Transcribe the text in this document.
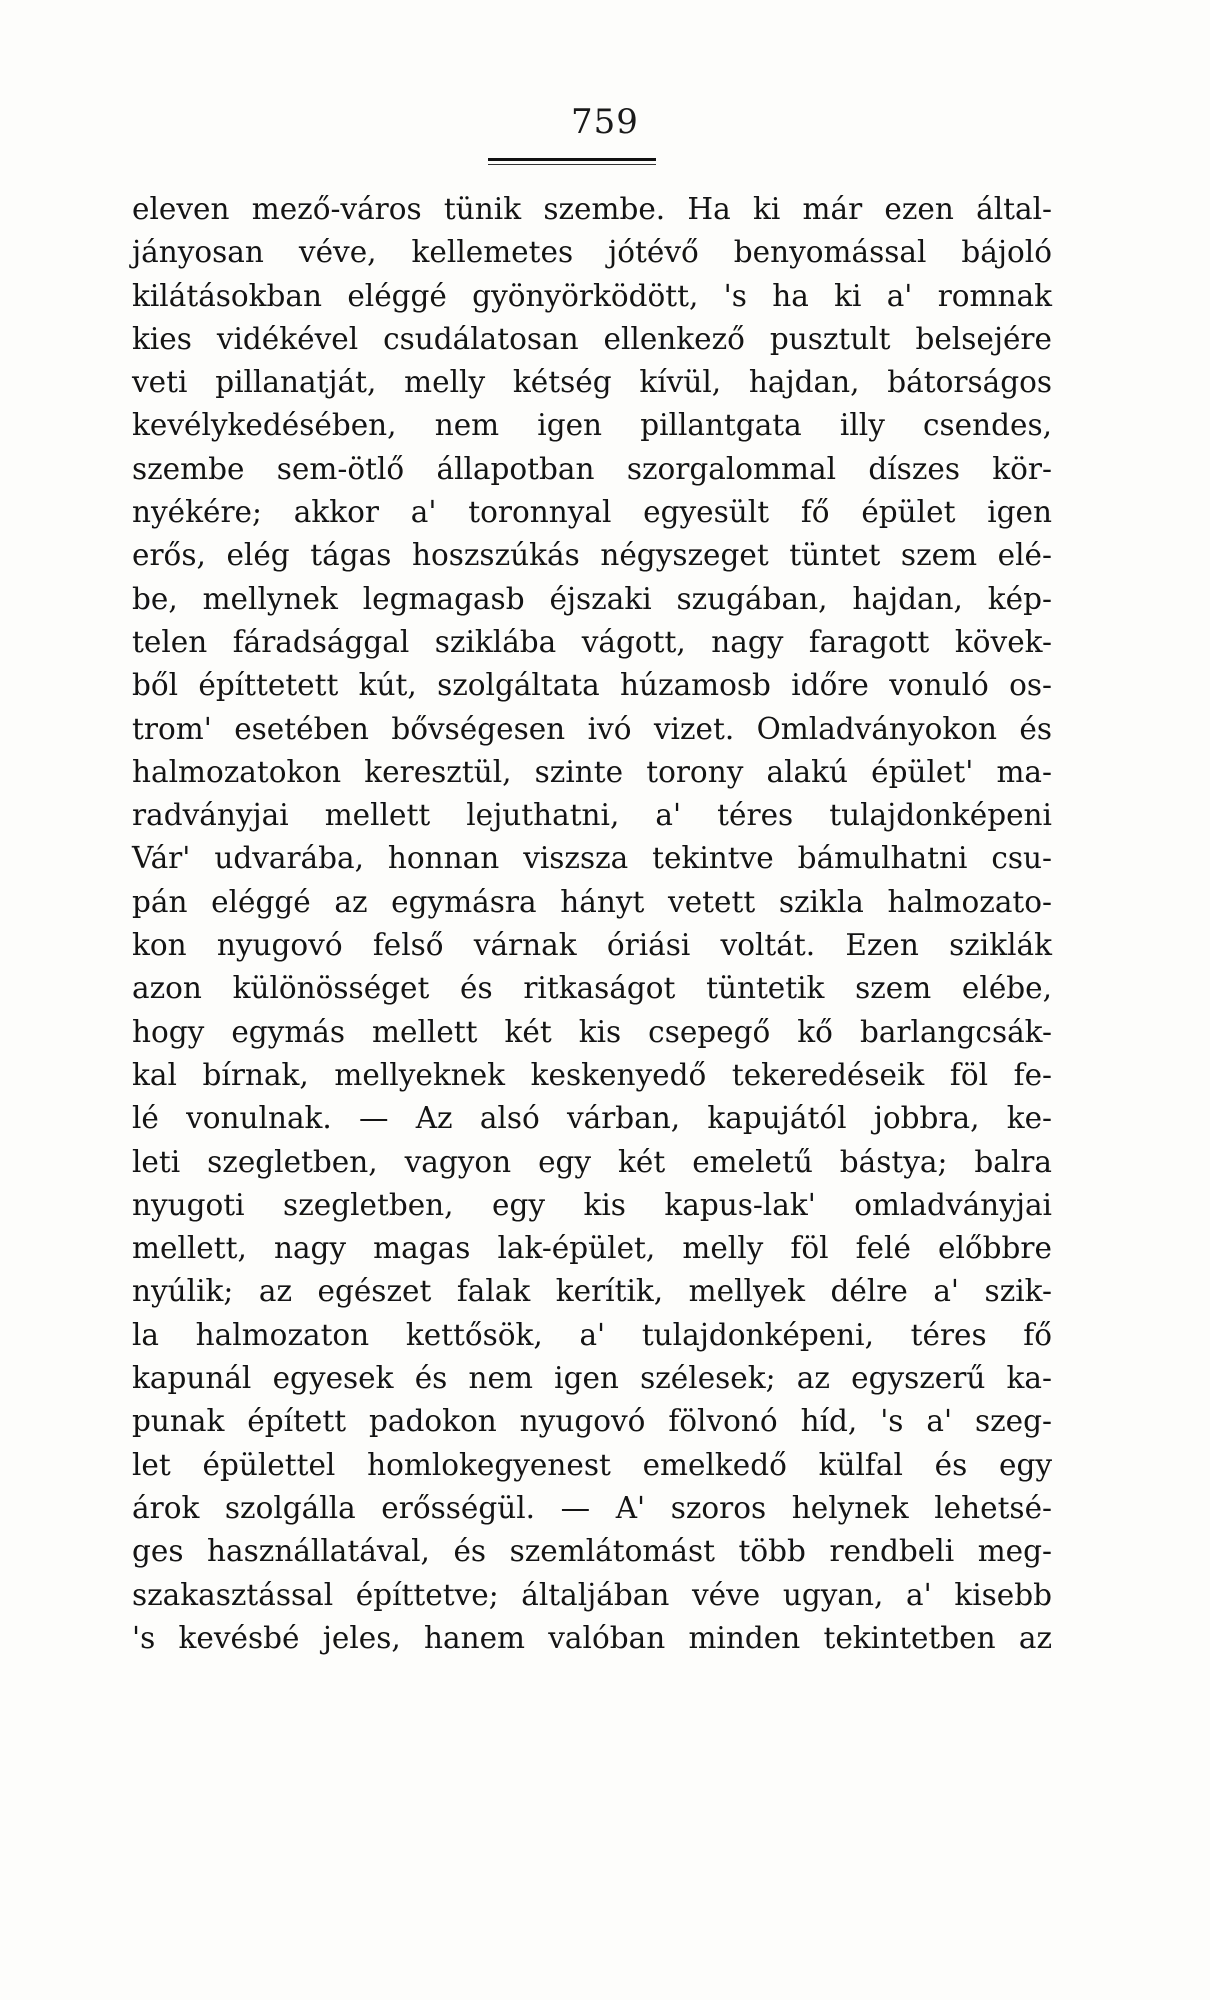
759
eleven mező-város tünik szembe. Ha ki már ezen által-
jányosan véve, kellemetes jótévő benyomással bájoló
kilátásokban eléggé gyönyörködött, 's ha ki a' romnak
kies vidékével csudálatosan ellenkező pusztult belsejére
veti pillanatját, melly kétség kívül, hajdan, bátorságos
kevélykedésében, nem igen pillantgata illy csendes,
szembe sem-ötlő állapotban szorgalommal díszes kör-
nyékére; akkor a' toronnyal egyesült fő épület igen
erős, elég tágas hoszszúkás négyszeget tüntet szem elé-
be, mellynek legmagasb éjszaki szugában, hajdan, kép-
telen fáradsággal sziklába vágott, nagy faragott kövek-
ből építtetett kút, szolgáltata húzamosb időre vonuló os-
trom' esetében bővségesen ivó vizet. Omladványokon és
halmozatokon keresztül, szinte torony alakú épület' ma-
radványjai mellett lejuthatni, a' téres tulajdonképeni
Vár' udvarába, honnan viszsza tekintve bámulhatni csu-
pán eléggé az egymásra hányt vetett szikla halmozato-
kon nyugovó felső várnak óriási voltát. Ezen sziklák
azon különösséget és ritkaságot tüntetik szem elébe,
hogy egymás mellett két kis csepegő kő barlangcsák-
kal bírnak, mellyeknek keskenyedő tekeredéseik föl fe-
lé vonulnak. — Az alsó várban, kapujától jobbra, ke-
leti szegletben, vagyon egy két emeletű bástya; balra
nyugoti szegletben, egy kis kapus-lak' omladványjai
mellett, nagy magas lak-épület, melly föl felé előbbre
nyúlik; az egészet falak kerítik, mellyek délre a' szik-
la halmozaton kettősök, a' tulajdonképeni, téres fő
kapunál egyesek és nem igen szélesek; az egyszerű ka-
punak épített padokon nyugovó fölvonó híd, 's a' szeg-
let épülettel homlokegyenest emelkedő külfal és egy
árok szolgálla erősségül. — A' szoros helynek lehetsé-
ges használlatával, és szemlátomást több rendbeli meg-
szakasztással építtetve; általjában véve ugyan, a' kisebb
's kevésbé jeles, hanem valóban minden tekintetben az
